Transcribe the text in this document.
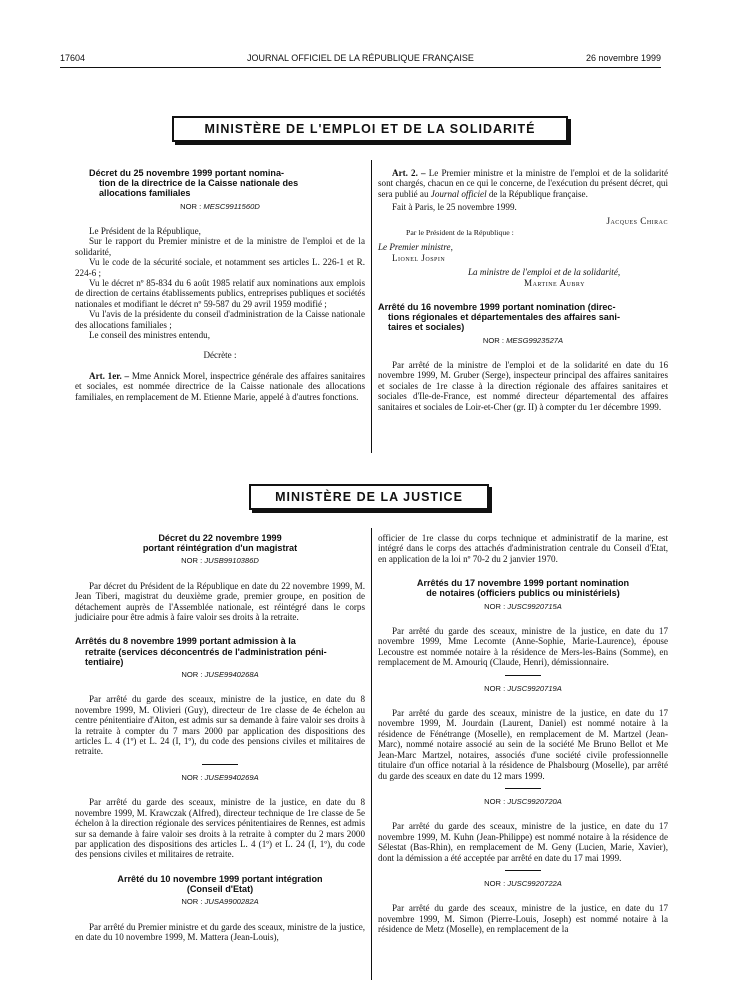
17604	JOURNAL OFFICIEL DE LA RÉPUBLIQUE FRANÇAISE	26 novembre 1999
MINISTÈRE DE L'EMPLOI ET DE LA SOLIDARITÉ
Décret du 25 novembre 1999 portant nomina-
tion de la directrice de la Caisse nationale des
allocations familiales
NOR : MESC9911560D

Le Président de la République,

Sur le rapport du Premier ministre et de la ministre de l'emploi et de la solidarité,

Vu le code de la sécurité sociale, et notamment ses articles L. 226-1 et R. 224-6 ;

Vu le décret nº 85-834 du 6 août 1985 relatif aux nominations aux emplois de direction de certains établissements publics, entreprises publiques et sociétés nationales et modifiant le décret nº 59-587 du 29 avril 1959 modifié ;

Vu l'avis de la présidente du conseil d'administration de la Caisse nationale des allocations familiales ;

Le conseil des ministres entendu,

Décrète :

Art. 1er. – Mme Annick Morel, inspectrice générale des affaires sanitaires et sociales, est nommée directrice de la Caisse nationale des allocations familiales, en remplacement de M. Etienne Marie, appelé à d'autres fonctions.

Art. 2. – Le Premier ministre et la ministre de l'emploi et de la solidarité sont chargés, chacun en ce qui le concerne, de l'exécution du présent décret, qui sera publié au Journal officiel de la République française.

Fait à Paris, le 25 novembre 1999.

Jacques Chirac
Par le Président de la République :
Le Premier ministre,
Lionel Jospin
La ministre de l'emploi et de la solidarité,
Martine Aubry
Arrêté du 16 novembre 1999 portant nomination (direc-
tions régionales et départementales des affaires sani-
taires et sociales)
NOR : MESG9923527A

Par arrêté de la ministre de l'emploi et de la solidarité en date du 16 novembre 1999, M. Gruber (Serge), inspecteur principal des affaires sanitaires et sociales de 1re classe à la direction régionale des affaires sanitaires et sociales d'Ile-de-France, est nommé directeur départemental des affaires sanitaires et sociales de Loir-et-Cher (gr. II) à compter du 1er décembre 1999.

MINISTÈRE DE LA JUSTICE
Décret du 22 novembre 1999
portant réintégration d'un magistrat
NOR : JUSB9910386D

Par décret du Président de la République en date du 22 novembre 1999, M. Jean Tiberi, magistrat du deuxième grade, premier groupe, en position de détachement auprès de l'Assemblée nationale, est réintégré dans le corps judiciaire pour être admis à faire valoir ses droits à la retraite.

Arrêtés du 8 novembre 1999 portant admission à la
retraite (services déconcentrés de l'administration péni-
tentiaire)
NOR : JUSE9940268A

Par arrêté du garde des sceaux, ministre de la justice, en date du 8 novembre 1999, M. Olivieri (Guy), directeur de 1re classe de 4e échelon au centre pénitentiaire d'Aiton, est admis sur sa demande à faire valoir ses droits à la retraite à compter du 7 mars 2000 par application des dispositions des articles L. 4 (1º) et L. 24 (I, 1º), du code des pensions civiles et militaires de retraite.

NOR : JUSE9940269A

Par arrêté du garde des sceaux, ministre de la justice, en date du 8 novembre 1999, M. Krawczak (Alfred), directeur technique de 1re classe de 5e échelon à la direction régionale des services pénitentiaires de Rennes, est admis sur sa demande à faire valoir ses droits à la retraite à compter du 2 mars 2000 par application des dispositions des articles L. 4 (1º) et L. 24 (I, 1º), du code des pensions civiles et militaires de retraite.

Arrêté du 10 novembre 1999 portant intégration
(Conseil d'Etat)
NOR : JUSA9900282A

Par arrêté du Premier ministre et du garde des sceaux, ministre de la justice, en date du 10 novembre 1999, M. Mattera (Jean-Louis),

officier de 1re classe du corps technique et administratif de la marine, est intégré dans le corps des attachés d'administration centrale du Conseil d'Etat, en application de la loi nº 70-2 du 2 janvier 1970.

Arrêtés du 17 novembre 1999 portant nomination
de notaires (officiers publics ou ministériels)
NOR : JUSC9920715A

Par arrêté du garde des sceaux, ministre de la justice, en date du 17 novembre 1999, Mme Lecomte (Anne-Sophie, Marie-Laurence), épouse Lecoustre est nommée notaire à la résidence de Mers-les-Bains (Somme), en remplacement de M. Amouriq (Claude, Henri), démissionnaire.

NOR : JUSC9920719A

Par arrêté du garde des sceaux, ministre de la justice, en date du 17 novembre 1999, M. Jourdain (Laurent, Daniel) est nommé notaire à la résidence de Fénétrange (Moselle), en remplacement de M. Martzel (Jean-Marc), nommé notaire associé au sein de la société Me Bruno Bellot et Me Jean-Marc Martzel, notaires, associés d'une société civile professionnelle titulaire d'un office notarial à la résidence de Phalsbourg (Moselle), par arrêté du garde des sceaux en date du 12 mars 1999.

NOR : JUSC9920720A

Par arrêté du garde des sceaux, ministre de la justice, en date du 17 novembre 1999, M. Kuhn (Jean-Philippe) est nommé notaire à la résidence de Sélestat (Bas-Rhin), en remplacement de M. Geny (Lucien, Marie, Xavier), dont la démission a été acceptée par arrêté en date du 17 mai 1999.

NOR : JUSC9920722A

Par arrêté du garde des sceaux, ministre de la justice, en date du 17 novembre 1999, M. Simon (Pierre-Louis, Joseph) est nommé notaire à la résidence de Metz (Moselle), en remplacement de la
